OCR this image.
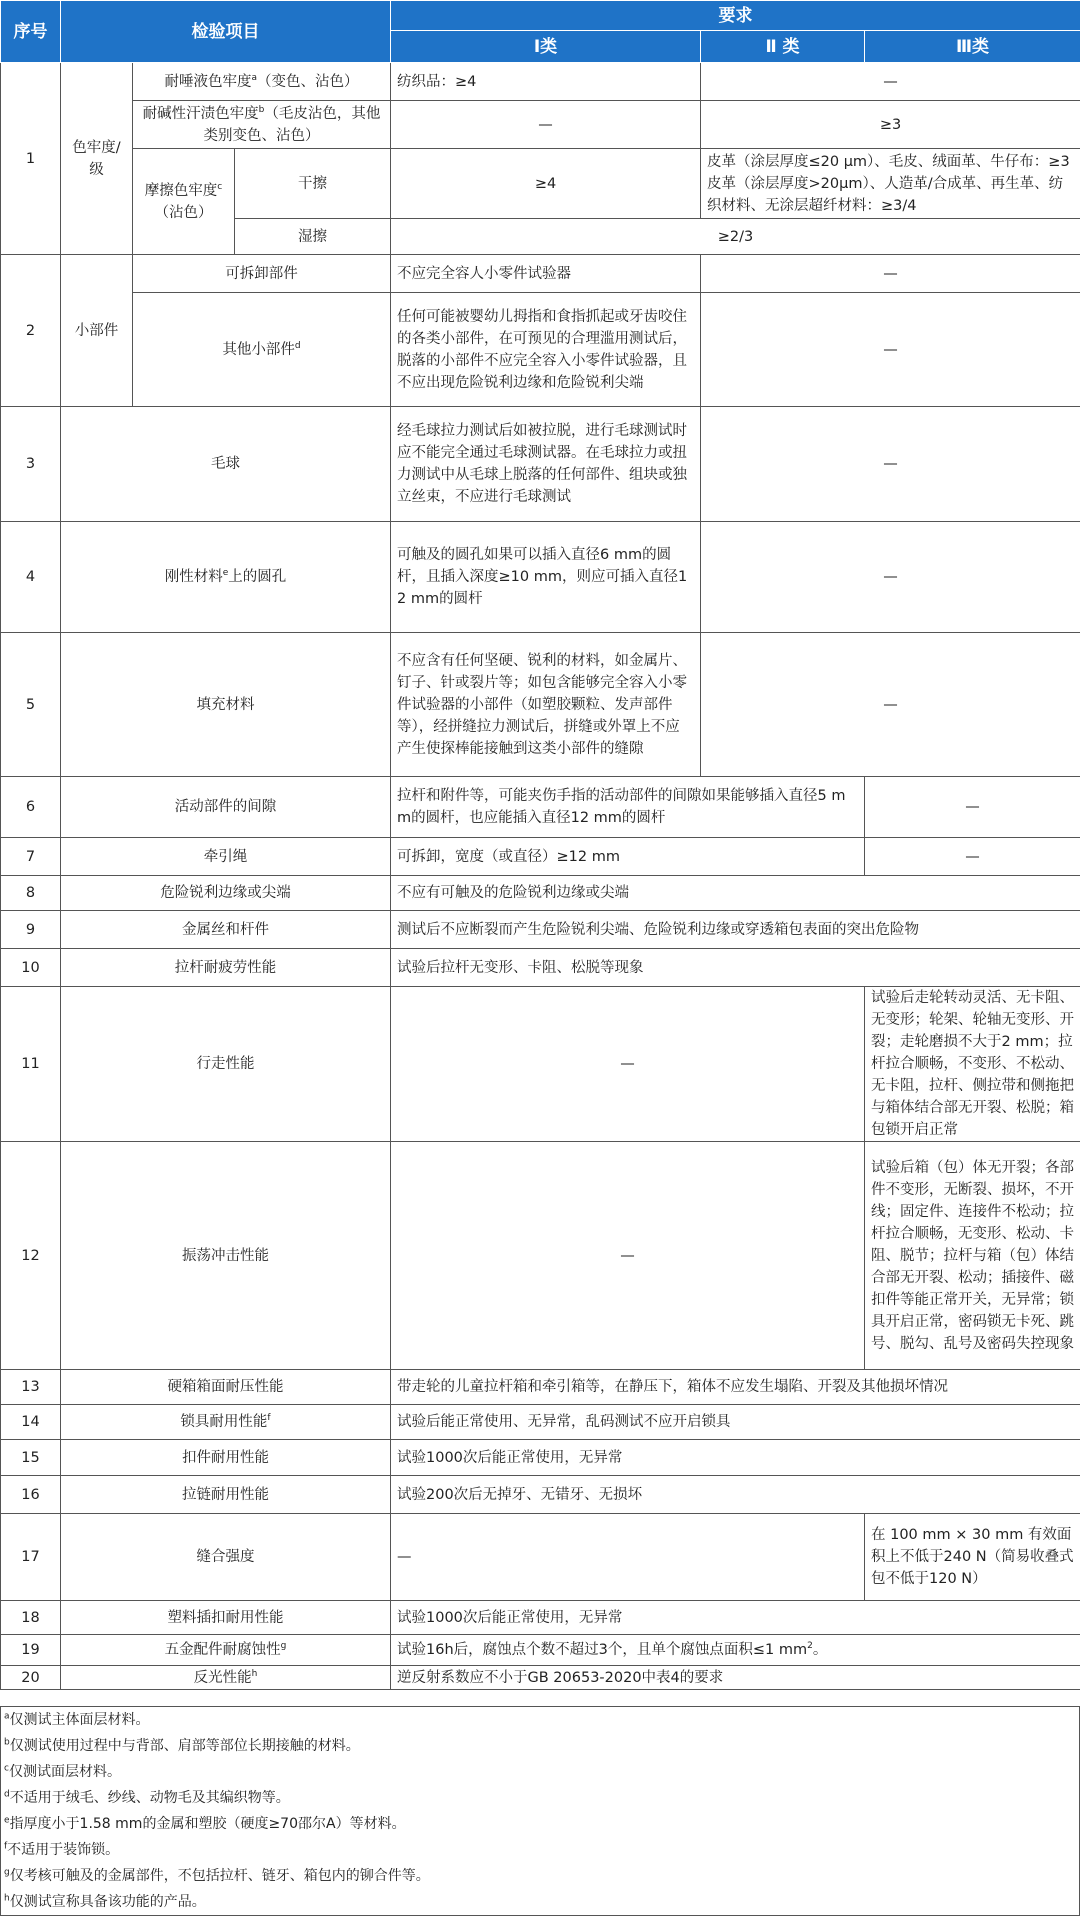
序号	检验项目			要求		
				I类	Ⅱ 类	Ⅲ类
1	色牢度/级	耐唾液色牢度$^a$（变色、沾色）		纺织品：≥4	—	
		耐碱性汗渍色牢度$^b$（毛皮沾色，其他类别变色、沾色）		—	≥3	
		摩擦色牢度$^c$（沾色）	干擦	≥4	皮革（涂层厚度≤20 μm）、毛皮、绒面革、牛仔布：≥3 皮革（涂层厚度>20μm）、人造革/合成革、再生革、纺织材料、无涂层超纤材料：≥3/4	
			湿擦	≥2/3		
2	小部件	可拆卸部件		不应完全容人小零件试验器	—	
		其他小部件$^d$		任何可能被婴幼儿拇指和食指抓起或牙齿咬住的各类小部件，在可预见的合理滥用测试后，脱落的小部件不应完全容入小零件试验器，且不应出现危险锐利边缘和危险锐利尖端	—	
3	毛球			经毛球拉力测试后如被拉脱，进行毛球测试时应不能完全通过毛球测试器。在毛球拉力或扭力测试中从毛球上脱落的任何部件、组块或独立丝束，不应进行毛球测试	—	
4	刚性材料$^e$上的圆孔			可触及的圆孔如果可以插入直径6 mm的圆杆，且插入深度≥10 mm，则应可插入直径12 mm的圆杆	—	
5	填充材料			不应含有任何坚硬、锐利的材料，如金属片、钉子、针或裂片等；如包含能够完全容入小零件试验器的小部件（如塑胶颗粒、发声部件等），经拼缝拉力测试后，拼缝或外罩上不应产生使探棒能接触到这类小部件的缝隙	—	
6	活动部件的间隙			拉杆和附件等，可能夹伤手指的活动部件的间隙如果能够插入直径5 mm的圆杆，也应能插入直径12 mm的圆杆		—
7	牵引绳			可拆卸，宽度（或直径）≥12 mm		—
8	危险锐利边缘或尖端			不应有可触及的危险锐利边缘或尖端		
9	金属丝和杆件			测试后不应断裂而产生危险锐利尖端、危险锐利边缘或穿透箱包表面的突出危险物		
10	拉杆耐疲劳性能			试验后拉杆无变形、卡阻、松脱等现象		
11	行走性能			—		试验后走轮转动灵活、无卡阻、无变形；轮架、轮轴无变形、开裂；走轮磨损不大于2 mm；拉杆拉合顺畅，不变形、不松动、无卡阻，拉杆、侧拉带和侧拖把与箱体结合部无开裂、松脱；箱包锁开启正常
12	振荡冲击性能			—		试验后箱（包）体无开裂；各部件不变形，无断裂、损坏，不开线；固定件、连接件不松动；拉杆拉合顺畅，无变形、松动、卡阻、脱节；拉杆与箱（包）体结合部无开裂、松动；插接件、磁扣件等能正常开关，无异常；锁具开启正常，密码锁无卡死、跳号、脱勾、乱号及密码失控现象
13	硬箱箱面耐压性能			带走轮的儿童拉杆箱和牵引箱等，在静压下，箱体不应发生塌陷、开裂及其他损坏情况		
14	锁具耐用性能$^f$			试验后能正常使用、无异常，乱码测试不应开启锁具		
15	扣件耐用性能			试验1000次后能正常使用，无异常		
16	拉链耐用性能			试验200次后无掉牙、无错牙、无损坏		
17	缝合强度			—		在 100 mm × 30 mm 有效面积上不低于240 N（简易收叠式包不低于120 N）
18	塑料插扣耐用性能			试验1000次后能正常使用，无异常		
19	五金配件耐腐蚀性$^g$			试验16h后，腐蚀点个数不超过3个，且单个腐蚀点面积≤1 $mm^2$。		
20	反光性能$^h$			逆反射系数应不小于GB 20653-2020中表4的要求		
$^a$仅测试主体面层材料。
$^b$仅测试使用过程中与背部、肩部等部位长期接触的材料。
$^c$仅测试面层材料。
$^d$不适用于绒毛、纱线、动物毛及其编织物等。
$^e$指厚度小于1.58 mm的金属和塑胶（硬度≥70邵尔A）等材料。
$^f$不适用于装饰锁。
$^g$仅考核可触及的金属部件，不包括拉杆、链牙、箱包内的铆合件等。
$^h$仅测试宣称具备该功能的产品。
